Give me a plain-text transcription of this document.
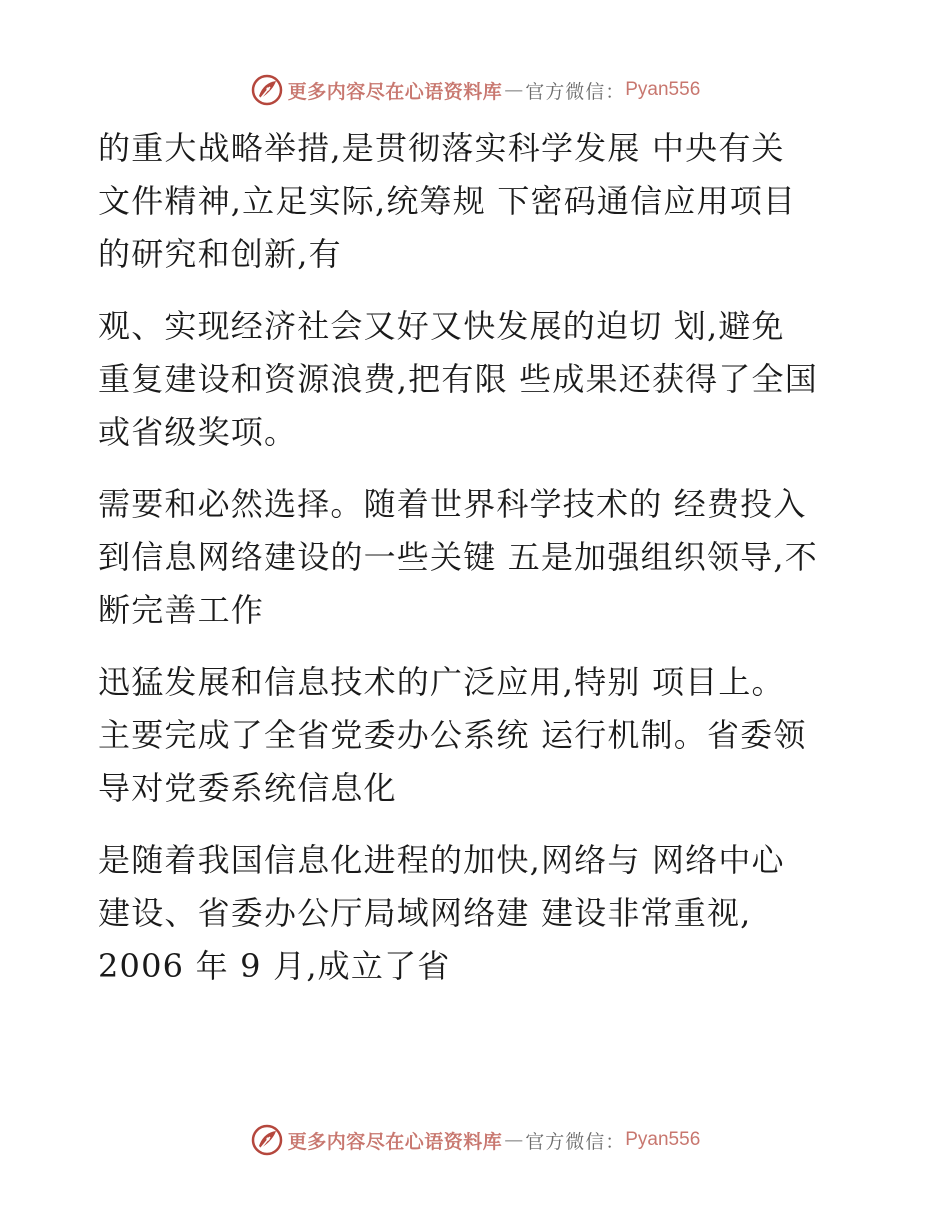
更多内容尽在心语资料库 — 官方微信： Pyan556
的重大战略举措,是贯彻落实科学发展 中央有关
文件精神,立足实际,统筹规 下密码通信应用项目
的研究和创新,有
观、实现经济社会又好又快发展的迫切 划,避免
重复建设和资源浪费,把有限 些成果还获得了全国
或省级奖项。
需要和必然选择。随着世界科学技术的 经费投入
到信息网络建设的一些关键 五是加强组织领导,不
断完善工作
迅猛发展和信息技术的广泛应用,特别 项目上。
主要完成了全省党委办公系统 运行机制。省委领
导对党委系统信息化
是随着我国信息化进程的加快,网络与 网络中心
建设、省委办公厅局域网络建 建设非常重视,
2006 年 9 月,成立了省
更多内容尽在心语资料库 — 官方微信： Pyan556
